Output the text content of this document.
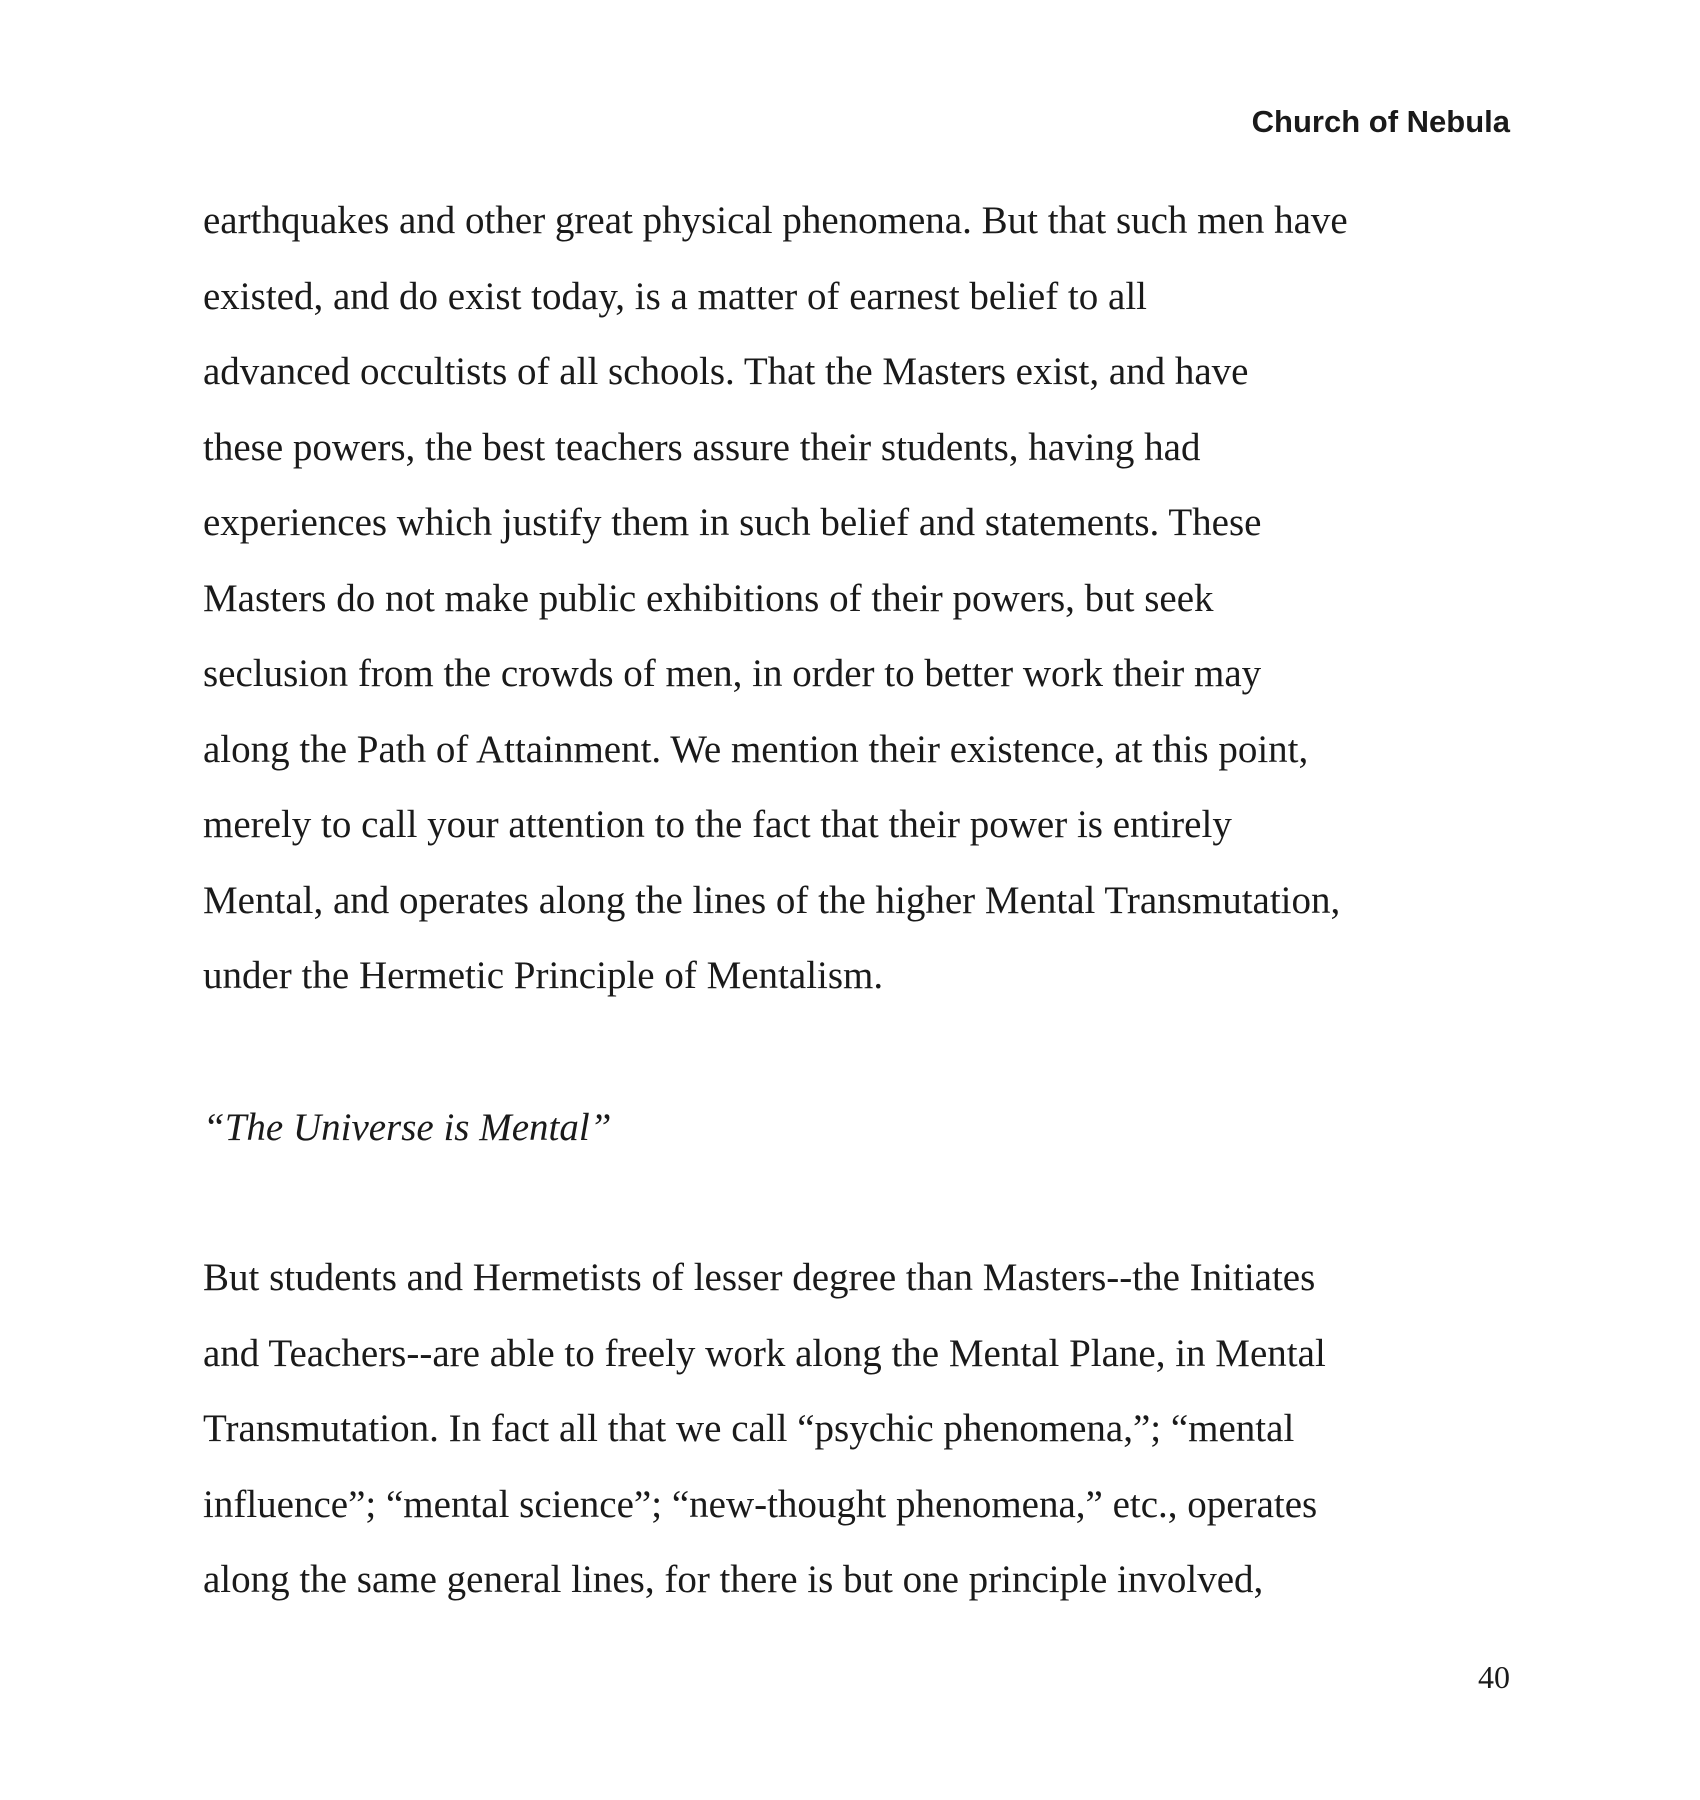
Church of Nebula
earthquakes and other great physical phenomena. But that such men have
existed, and do exist today, is a matter of earnest belief to all
advanced occultists of all schools. That the Masters exist, and have
these powers, the best teachers assure their students, having had
experiences which justify them in such belief and statements. These
Masters do not make public exhibitions of their powers, but seek
seclusion from the crowds of men, in order to better work their may
along the Path of Attainment. We mention their existence, at this point,
merely to call your attention to the fact that their power is entirely
Mental, and operates along the lines of the higher Mental Transmutation,
under the Hermetic Principle of Mentalism.
“The Universe is Mental”
But students and Hermetists of lesser degree than Masters--the Initiates
and Teachers--are able to freely work along the Mental Plane, in Mental
Transmutation. In fact all that we call “psychic phenomena,”; “mental
influence”; “mental science”; “new-thought phenomena,” etc., operates
along the same general lines, for there is but one principle involved,
40
